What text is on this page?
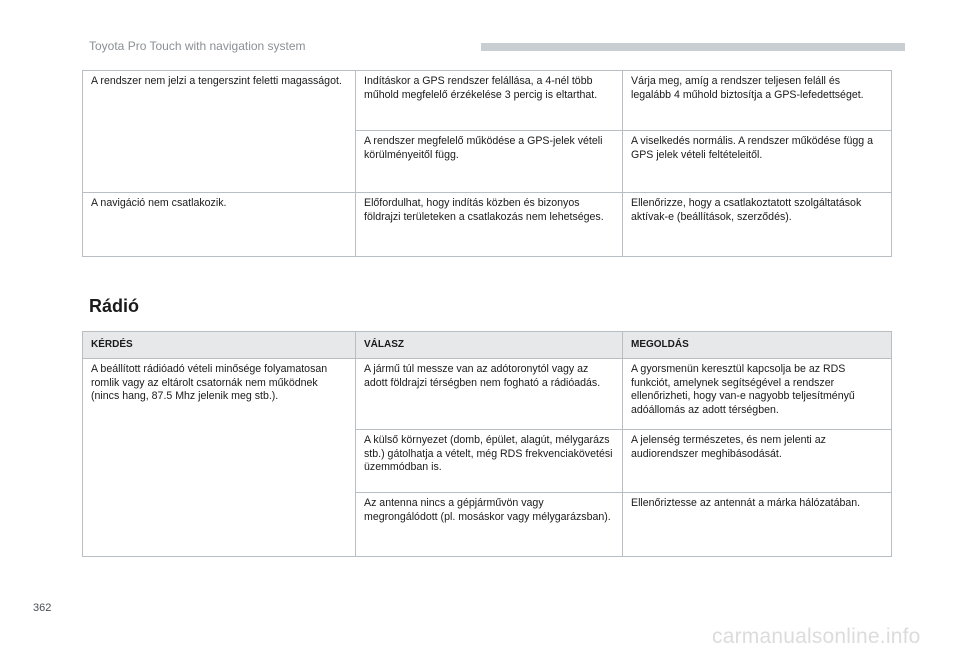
Toyota Pro Touch with navigation system
A rendszer nem jelzi a tengerszint feletti magasságot.	Indításkor a GPS rendszer felállása, a 4-nél több műhold megfelelő érzékelése 3 percig is eltarthat.	Várja meg, amíg a rendszer teljesen feláll és legalább 4 műhold biztosítja a GPS-lefedettséget.
	A rendszer megfelelő működése a GPS-jelek vételi körülményeitől függ.	A viselkedés normális. A rendszer működése függ a GPS jelek vételi feltételeitől.
A navigáció nem csatlakozik.	Előfordulhat, hogy indítás közben és bizonyos földrajzi területeken a csatlakozás nem lehetséges.	Ellenőrizze, hogy a csatlakoztatott szolgáltatások aktívak-e (beállítások, szerződés).
Rádió
KÉRDÉS	VÁLASZ	MEGOLDÁS
A beállított rádióadó vételi minősége folyamatosan romlik vagy az eltárolt csatornák nem működnek (nincs hang, 87.5 Mhz jelenik meg stb.).	A jármű túl messze van az adótoronytól vagy az adott földrajzi térségben nem fogható a rádióadás.	A gyorsmenün keresztül kapcsolja be az RDS funkciót, amelynek segítségével a rendszer ellenőrizheti, hogy van-e nagyobb teljesítményű adóállomás az adott térségben.
	A külső környezet (domb, épület, alagút, mélygarázs stb.) gátolhatja a vételt, még RDS frekvenciakövetési üzemmódban is.	A jelenség természetes, és nem jelenti az audiorendszer meghibásodását.
	Az antenna nincs a gépjárművön vagy megrongálódott (pl. mosáskor vagy mélygarázsban).	Ellenőriztesse az antennát a márka hálózatában.
362
carmanualsonline.info
